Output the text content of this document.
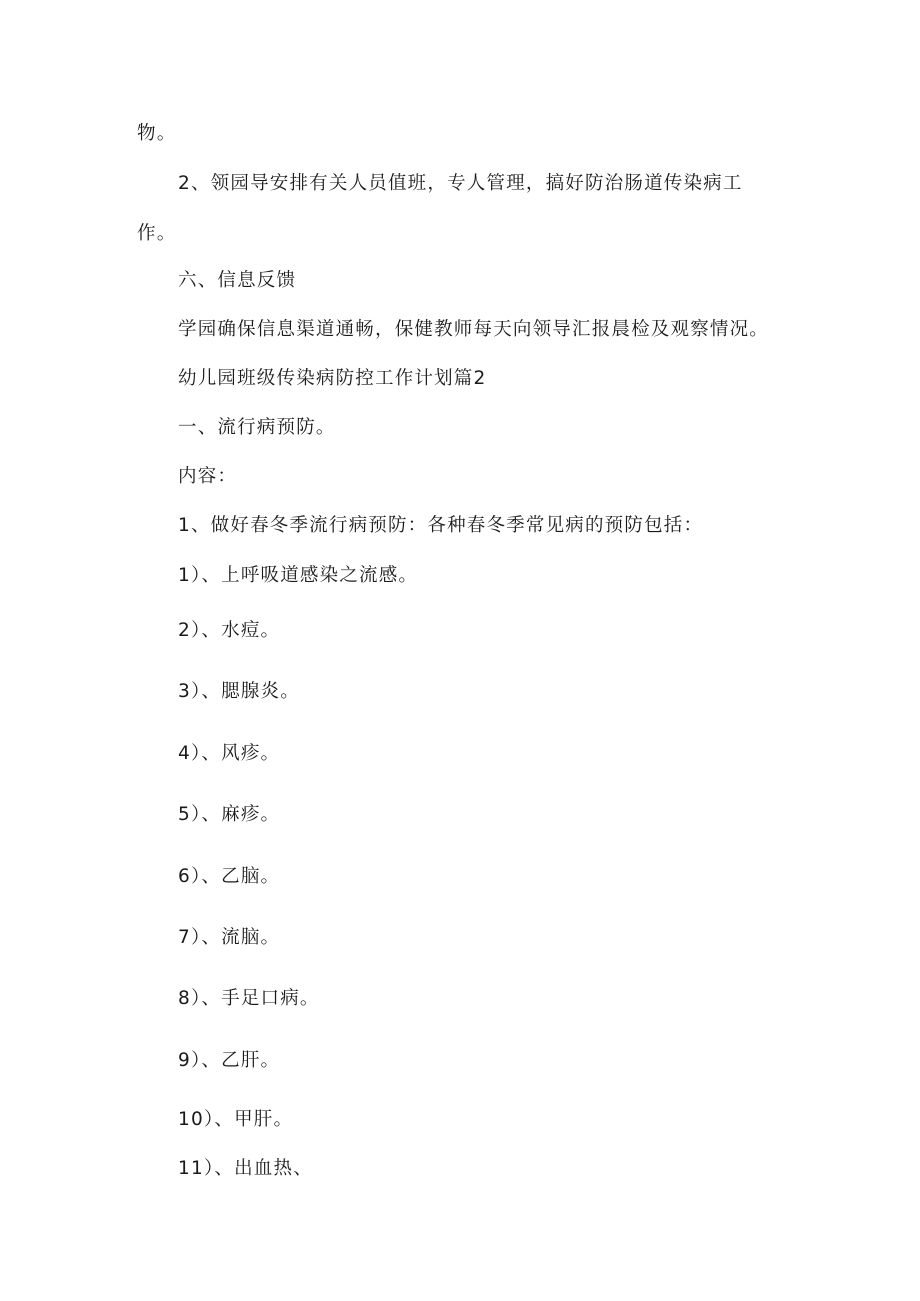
物。
2、领园导安排有关人员值班，专人管理，搞好防治肠道传染病工
作。
六、信息反馈
学园确保信息渠道通畅，保健教师每天向领导汇报晨检及观察情况。
幼儿园班级传染病防控工作计划篇2
一、流行病预防。
内容：
1、做好春冬季流行病预防：各种春冬季常见病的预防包括：
1）、上呼吸道感染之流感。
2）、水痘。
3）、腮腺炎。
4）、风疹。
5）、麻疹。
6）、乙脑。
7）、流脑。
8）、手足口病。
9）、乙肝。
10）、甲肝。
11）、出血热、
